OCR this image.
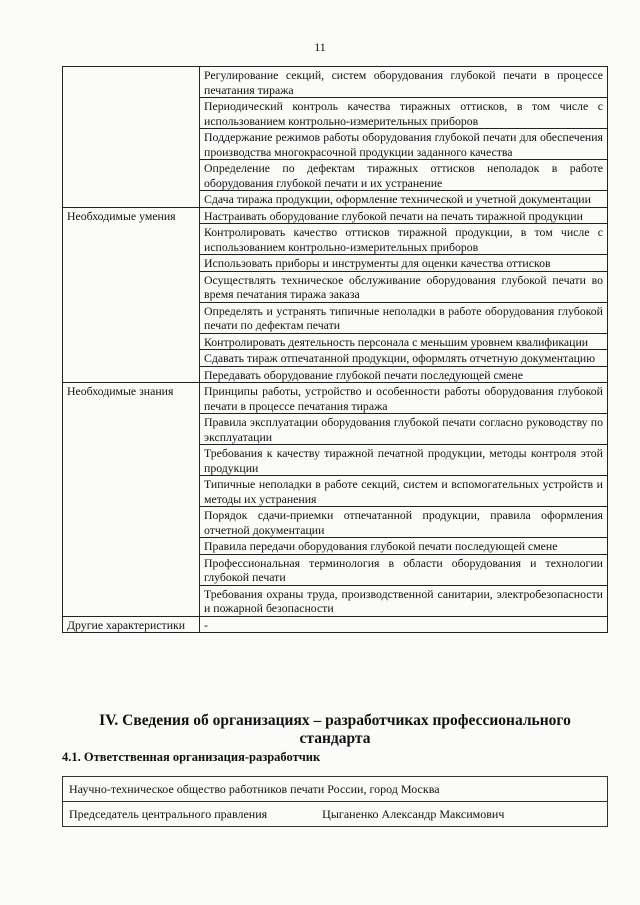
11
	Регулирование секций, систем оборудования глубокой печати в процессе печатания тиража
	Периодический контроль качества тиражных оттисков, в том числе с использованием контрольно-измерительных приборов
	Поддержание режимов работы оборудования глубокой печати для обеспечения производства многокрасочной продукции заданного качества
	Определение по дефектам тиражных оттисков неполадок в работе оборудования глубокой печати и их устранение
	Сдача тиража продукции, оформление технической и учетной документации
Необходимые умения	Настраивать оборудование глубокой печати на печать тиражной продукции
	Контролировать качество оттисков тиражной продукции, в том числе с использованием контрольно-измерительных приборов
	Использовать приборы и инструменты для оценки качества оттисков
	Осуществлять техническое обслуживание оборудования глубокой печати во время печатания тиража заказа
	Определять и устранять типичные неполадки в работе оборудования глубокой печати по дефектам печати
	Контролировать деятельность персонала с меньшим уровнем квалификации
	Сдавать тираж отпечатанной продукции, оформлять отчетную документацию
	Передавать оборудование глубокой печати последующей смене
Необходимые знания	Принципы работы, устройство и особенности работы оборудования глубокой печати в процессе печатания тиража
	Правила эксплуатации оборудования глубокой печати согласно руководству по эксплуатации
	Требования к качеству тиражной печатной продукции, методы контроля этой продукции
	Типичные неполадки в работе секций, систем и вспомогательных устройств и методы их устранения
	Порядок сдачи-приемки отпечатанной продукции, правила оформления отчетной документации
	Правила передачи оборудования глубокой печати последующей смене
	Профессиональная терминология в области оборудования и технологии глубокой печати
	Требования охраны труда, производственной санитарии, электробезопасности и пожарной безопасности
Другие характеристики	-
IV. Сведения об организациях – разработчиках профессионального стандарта
4.1. Ответственная организация-разработчик
Научно-техническое общество работников печати России, город Москва
Председатель центрального правления	Цыганенко Александр Максимович
